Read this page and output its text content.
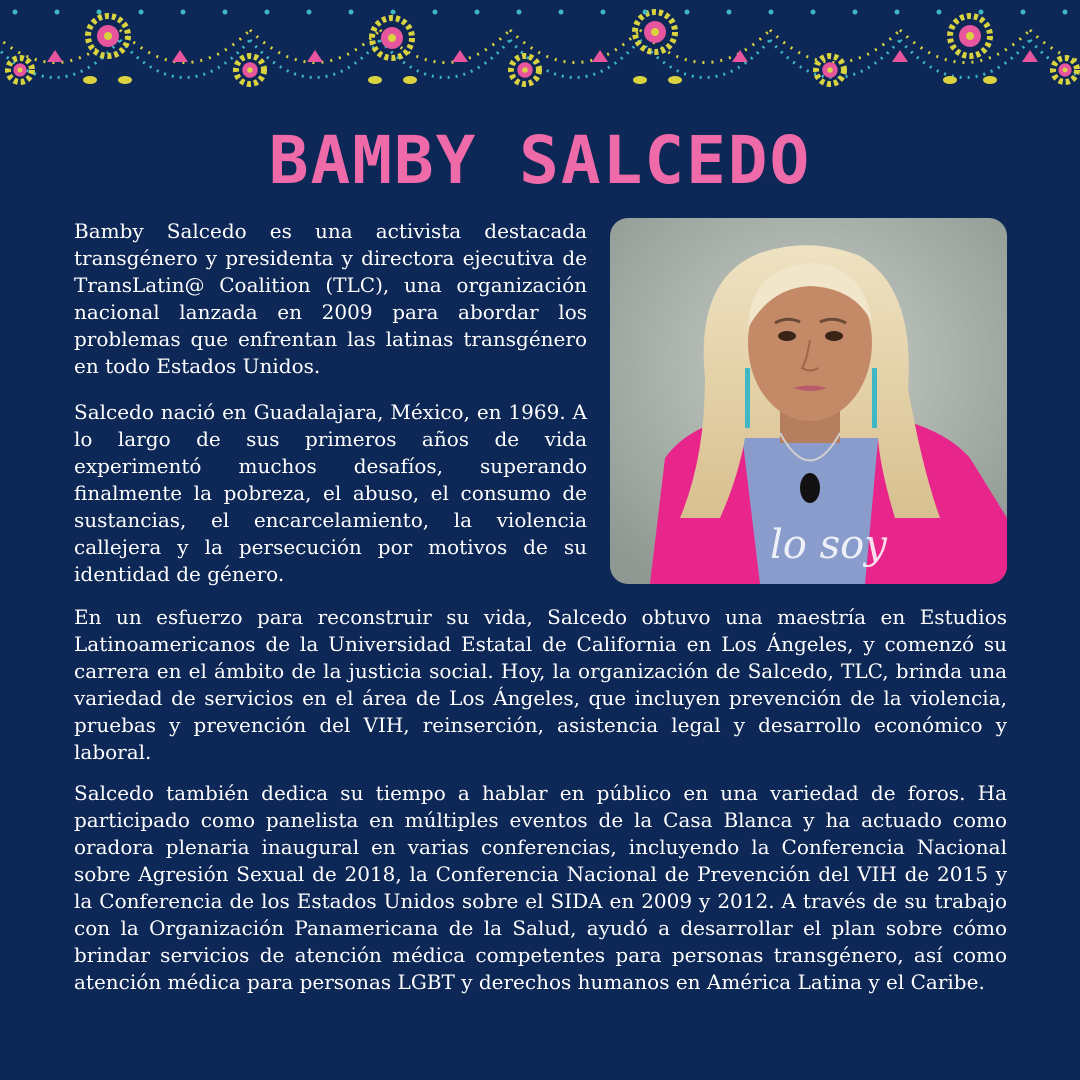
BAMBY SALCEDO

Bamby Salcedo es una activista destacada transgénero y presidenta y directora ejecutiva de TransLatin@ Coalition (TLC), una organización nacional lanzada en 2009 para abordar los problemas que enfrentan las latinas transgénero en todo Estados Unidos.

Salcedo nació en Guadalajara, México, en 1969. A lo largo de sus primeros años de vida experimentó muchos desafíos, superando finalmente la pobreza, el abuso, el consumo de sustancias, el encarcelamiento, la violencia callejera y la persecución por motivos de su identidad de género.

lo soy

En un esfuerzo para reconstruir su vida, Salcedo obtuvo una maestría en Estudios Latinoamericanos de la Universidad Estatal de California en Los Ángeles, y comenzó su carrera en el ámbito de la justicia social. Hoy, la organización de Salcedo, TLC, brinda una variedad de servicios en el área de Los Ángeles, que incluyen prevención de la violencia, pruebas y prevención del VIH, reinserción, asistencia legal y desarrollo económico y laboral.

Salcedo también dedica su tiempo a hablar en público en una variedad de foros. Ha participado como panelista en múltiples eventos de la Casa Blanca y ha actuado como oradora plenaria inaugural en varias conferencias, incluyendo la Conferencia Nacional sobre Agresión Sexual de 2018, la Conferencia Nacional de Prevención del VIH de 2015 y la Conferencia de los Estados Unidos sobre el SIDA en 2009 y 2012. A través de su trabajo con la Organización Panamericana de la Salud, ayudó a desarrollar el plan sobre cómo brindar servicios de atención médica competentes para personas transgénero, así como atención médica para personas LGBT y derechos humanos en América Latina y el Caribe.
